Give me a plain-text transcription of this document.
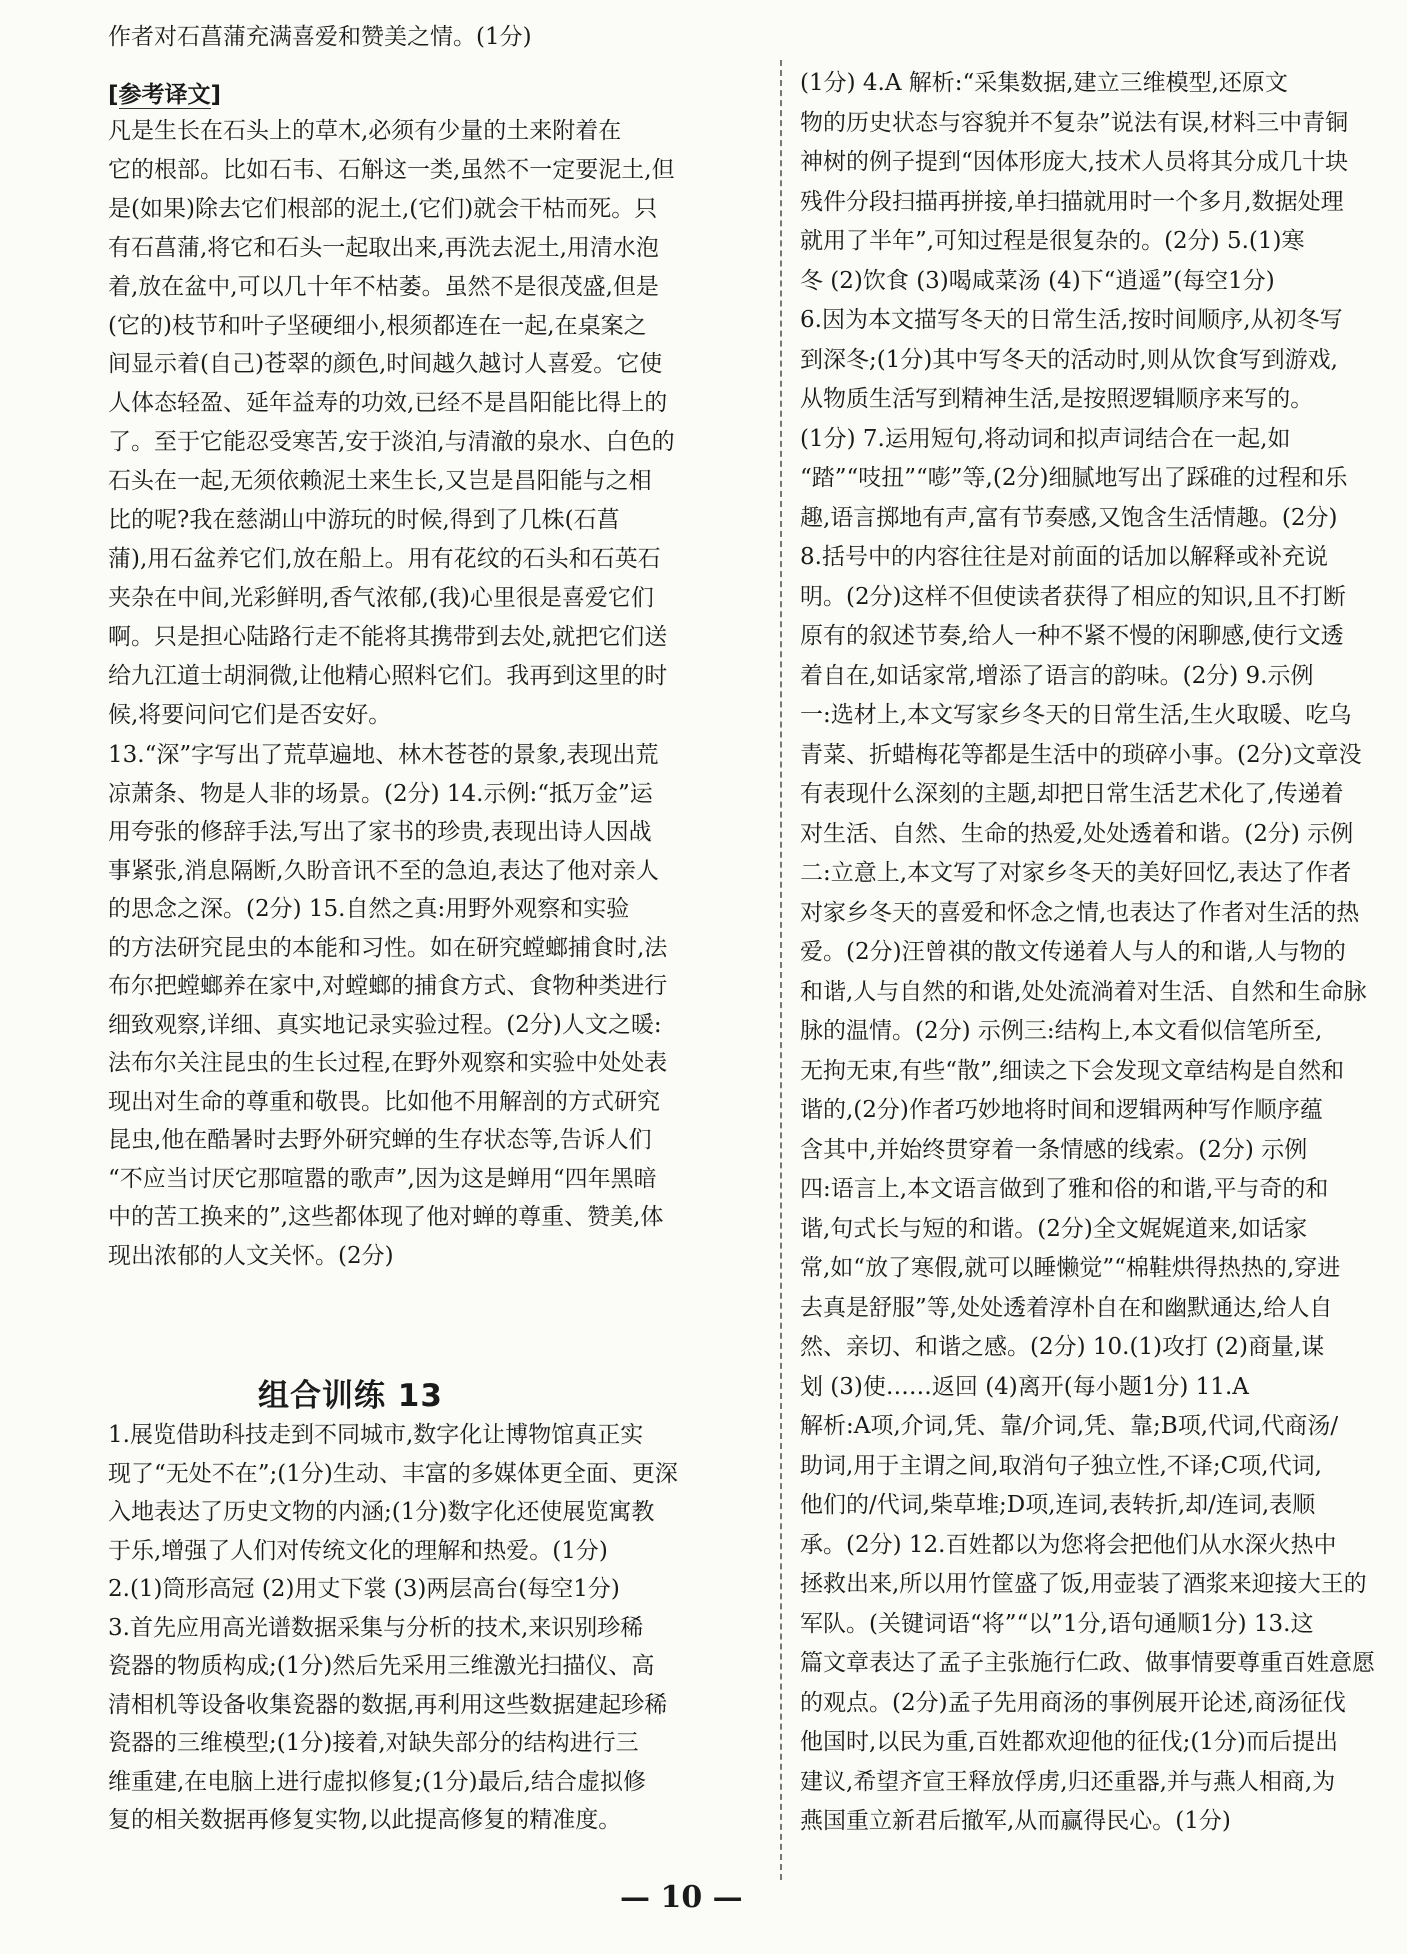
作者对石菖蒲充满喜爱和赞美之情。(1分)
[参考译文]
凡是生长在石头上的草木,必须有少量的土来附着在
它的根部。比如石韦、石斛这一类,虽然不一定要泥土,但
是(如果)除去它们根部的泥土,(它们)就会干枯而死。只
有石菖蒲,将它和石头一起取出来,再洗去泥土,用清水泡
着,放在盆中,可以几十年不枯萎。虽然不是很茂盛,但是
(它的)枝节和叶子坚硬细小,根须都连在一起,在桌案之
间显示着(自己)苍翠的颜色,时间越久越讨人喜爱。它使
人体态轻盈、延年益寿的功效,已经不是昌阳能比得上的
了。至于它能忍受寒苦,安于淡泊,与清澈的泉水、白色的
石头在一起,无须依赖泥土来生长,又岂是昌阳能与之相
比的呢?我在慈湖山中游玩的时候,得到了几株(石菖
蒲),用石盆养它们,放在船上。用有花纹的石头和石英石
夹杂在中间,光彩鲜明,香气浓郁,(我)心里很是喜爱它们
啊。只是担心陆路行走不能将其携带到去处,就把它们送
给九江道士胡洞微,让他精心照料它们。我再到这里的时
候,将要问问它们是否安好。
13.“深”字写出了荒草遍地、林木苍苍的景象,表现出荒
凉萧条、物是人非的场景。(2分) 14.示例:“抵万金”运
用夸张的修辞手法,写出了家书的珍贵,表现出诗人因战
事紧张,消息隔断,久盼音讯不至的急迫,表达了他对亲人
的思念之深。(2分) 15.自然之真:用野外观察和实验
的方法研究昆虫的本能和习性。如在研究螳螂捕食时,法
布尔把螳螂养在家中,对螳螂的捕食方式、食物种类进行
细致观察,详细、真实地记录实验过程。(2分)人文之暖:
法布尔关注昆虫的生长过程,在野外观察和实验中处处表
现出对生命的尊重和敬畏。比如他不用解剖的方式研究
昆虫,他在酷暑时去野外研究蝉的生存状态等,告诉人们
“不应当讨厌它那喧嚣的歌声”,因为这是蝉用“四年黑暗
中的苦工换来的”,这些都体现了他对蝉的尊重、赞美,体
现出浓郁的人文关怀。(2分)
组合训练 13
1.展览借助科技走到不同城市,数字化让博物馆真正实
现了“无处不在”;(1分)生动、丰富的多媒体更全面、更深
入地表达了历史文物的内涵;(1分)数字化还使展览寓教
于乐,增强了人们对传统文化的理解和热爱。(1分)
2.(1)筒形高冠 (2)用丈下裳 (3)两层高台(每空1分)
3.首先应用高光谱数据采集与分析的技术,来识别珍稀
瓷器的物质构成;(1分)然后先采用三维激光扫描仪、高
清相机等设备收集瓷器的数据,再利用这些数据建起珍稀
瓷器的三维模型;(1分)接着,对缺失部分的结构进行三
维重建,在电脑上进行虚拟修复;(1分)最后,结合虚拟修
复的相关数据再修复实物,以此提高修复的精准度。
(1分) 4.A 解析:“采集数据,建立三维模型,还原文
物的历史状态与容貌并不复杂”说法有误,材料三中青铜
神树的例子提到“因体形庞大,技术人员将其分成几十块
残件分段扫描再拼接,单扫描就用时一个多月,数据处理
就用了半年”,可知过程是很复杂的。(2分) 5.(1)寒
冬 (2)饮食 (3)喝咸菜汤 (4)下“逍遥”(每空1分)
6.因为本文描写冬天的日常生活,按时间顺序,从初冬写
到深冬;(1分)其中写冬天的活动时,则从饮食写到游戏,
从物质生活写到精神生活,是按照逻辑顺序来写的。
(1分) 7.运用短句,将动词和拟声词结合在一起,如
“踏”“吱扭”“嘭”等,(2分)细腻地写出了踩碓的过程和乐
趣,语言掷地有声,富有节奏感,又饱含生活情趣。(2分)
8.括号中的内容往往是对前面的话加以解释或补充说
明。(2分)这样不但使读者获得了相应的知识,且不打断
原有的叙述节奏,给人一种不紧不慢的闲聊感,使行文透
着自在,如话家常,增添了语言的韵味。(2分) 9.示例
一:选材上,本文写家乡冬天的日常生活,生火取暖、吃乌
青菜、折蜡梅花等都是生活中的琐碎小事。(2分)文章没
有表现什么深刻的主题,却把日常生活艺术化了,传递着
对生活、自然、生命的热爱,处处透着和谐。(2分) 示例
二:立意上,本文写了对家乡冬天的美好回忆,表达了作者
对家乡冬天的喜爱和怀念之情,也表达了作者对生活的热
爱。(2分)汪曾祺的散文传递着人与人的和谐,人与物的
和谐,人与自然的和谐,处处流淌着对生活、自然和生命脉
脉的温情。(2分) 示例三:结构上,本文看似信笔所至,
无拘无束,有些“散”,细读之下会发现文章结构是自然和
谐的,(2分)作者巧妙地将时间和逻辑两种写作顺序蕴
含其中,并始终贯穿着一条情感的线索。(2分) 示例
四:语言上,本文语言做到了雅和俗的和谐,平与奇的和
谐,句式长与短的和谐。(2分)全文娓娓道来,如话家
常,如“放了寒假,就可以睡懒觉”“棉鞋烘得热热的,穿进
去真是舒服”等,处处透着淳朴自在和幽默通达,给人自
然、亲切、和谐之感。(2分) 10.(1)攻打 (2)商量,谋
划 (3)使……返回 (4)离开(每小题1分) 11.A
解析:A项,介词,凭、靠/介词,凭、靠;B项,代词,代商汤/
助词,用于主谓之间,取消句子独立性,不译;C项,代词,
他们的/代词,柴草堆;D项,连词,表转折,却/连词,表顺
承。(2分) 12.百姓都以为您将会把他们从水深火热中
拯救出来,所以用竹筐盛了饭,用壶装了酒浆来迎接大王的
军队。(关键词语“将”“以”1分,语句通顺1分) 13.这
篇文章表达了孟子主张施行仁政、做事情要尊重百姓意愿
的观点。(2分)孟子先用商汤的事例展开论述,商汤征伐
他国时,以民为重,百姓都欢迎他的征伐;(1分)而后提出
建议,希望齐宣王释放俘虏,归还重器,并与燕人相商,为
燕国重立新君后撤军,从而赢得民心。(1分)
— 10 —
